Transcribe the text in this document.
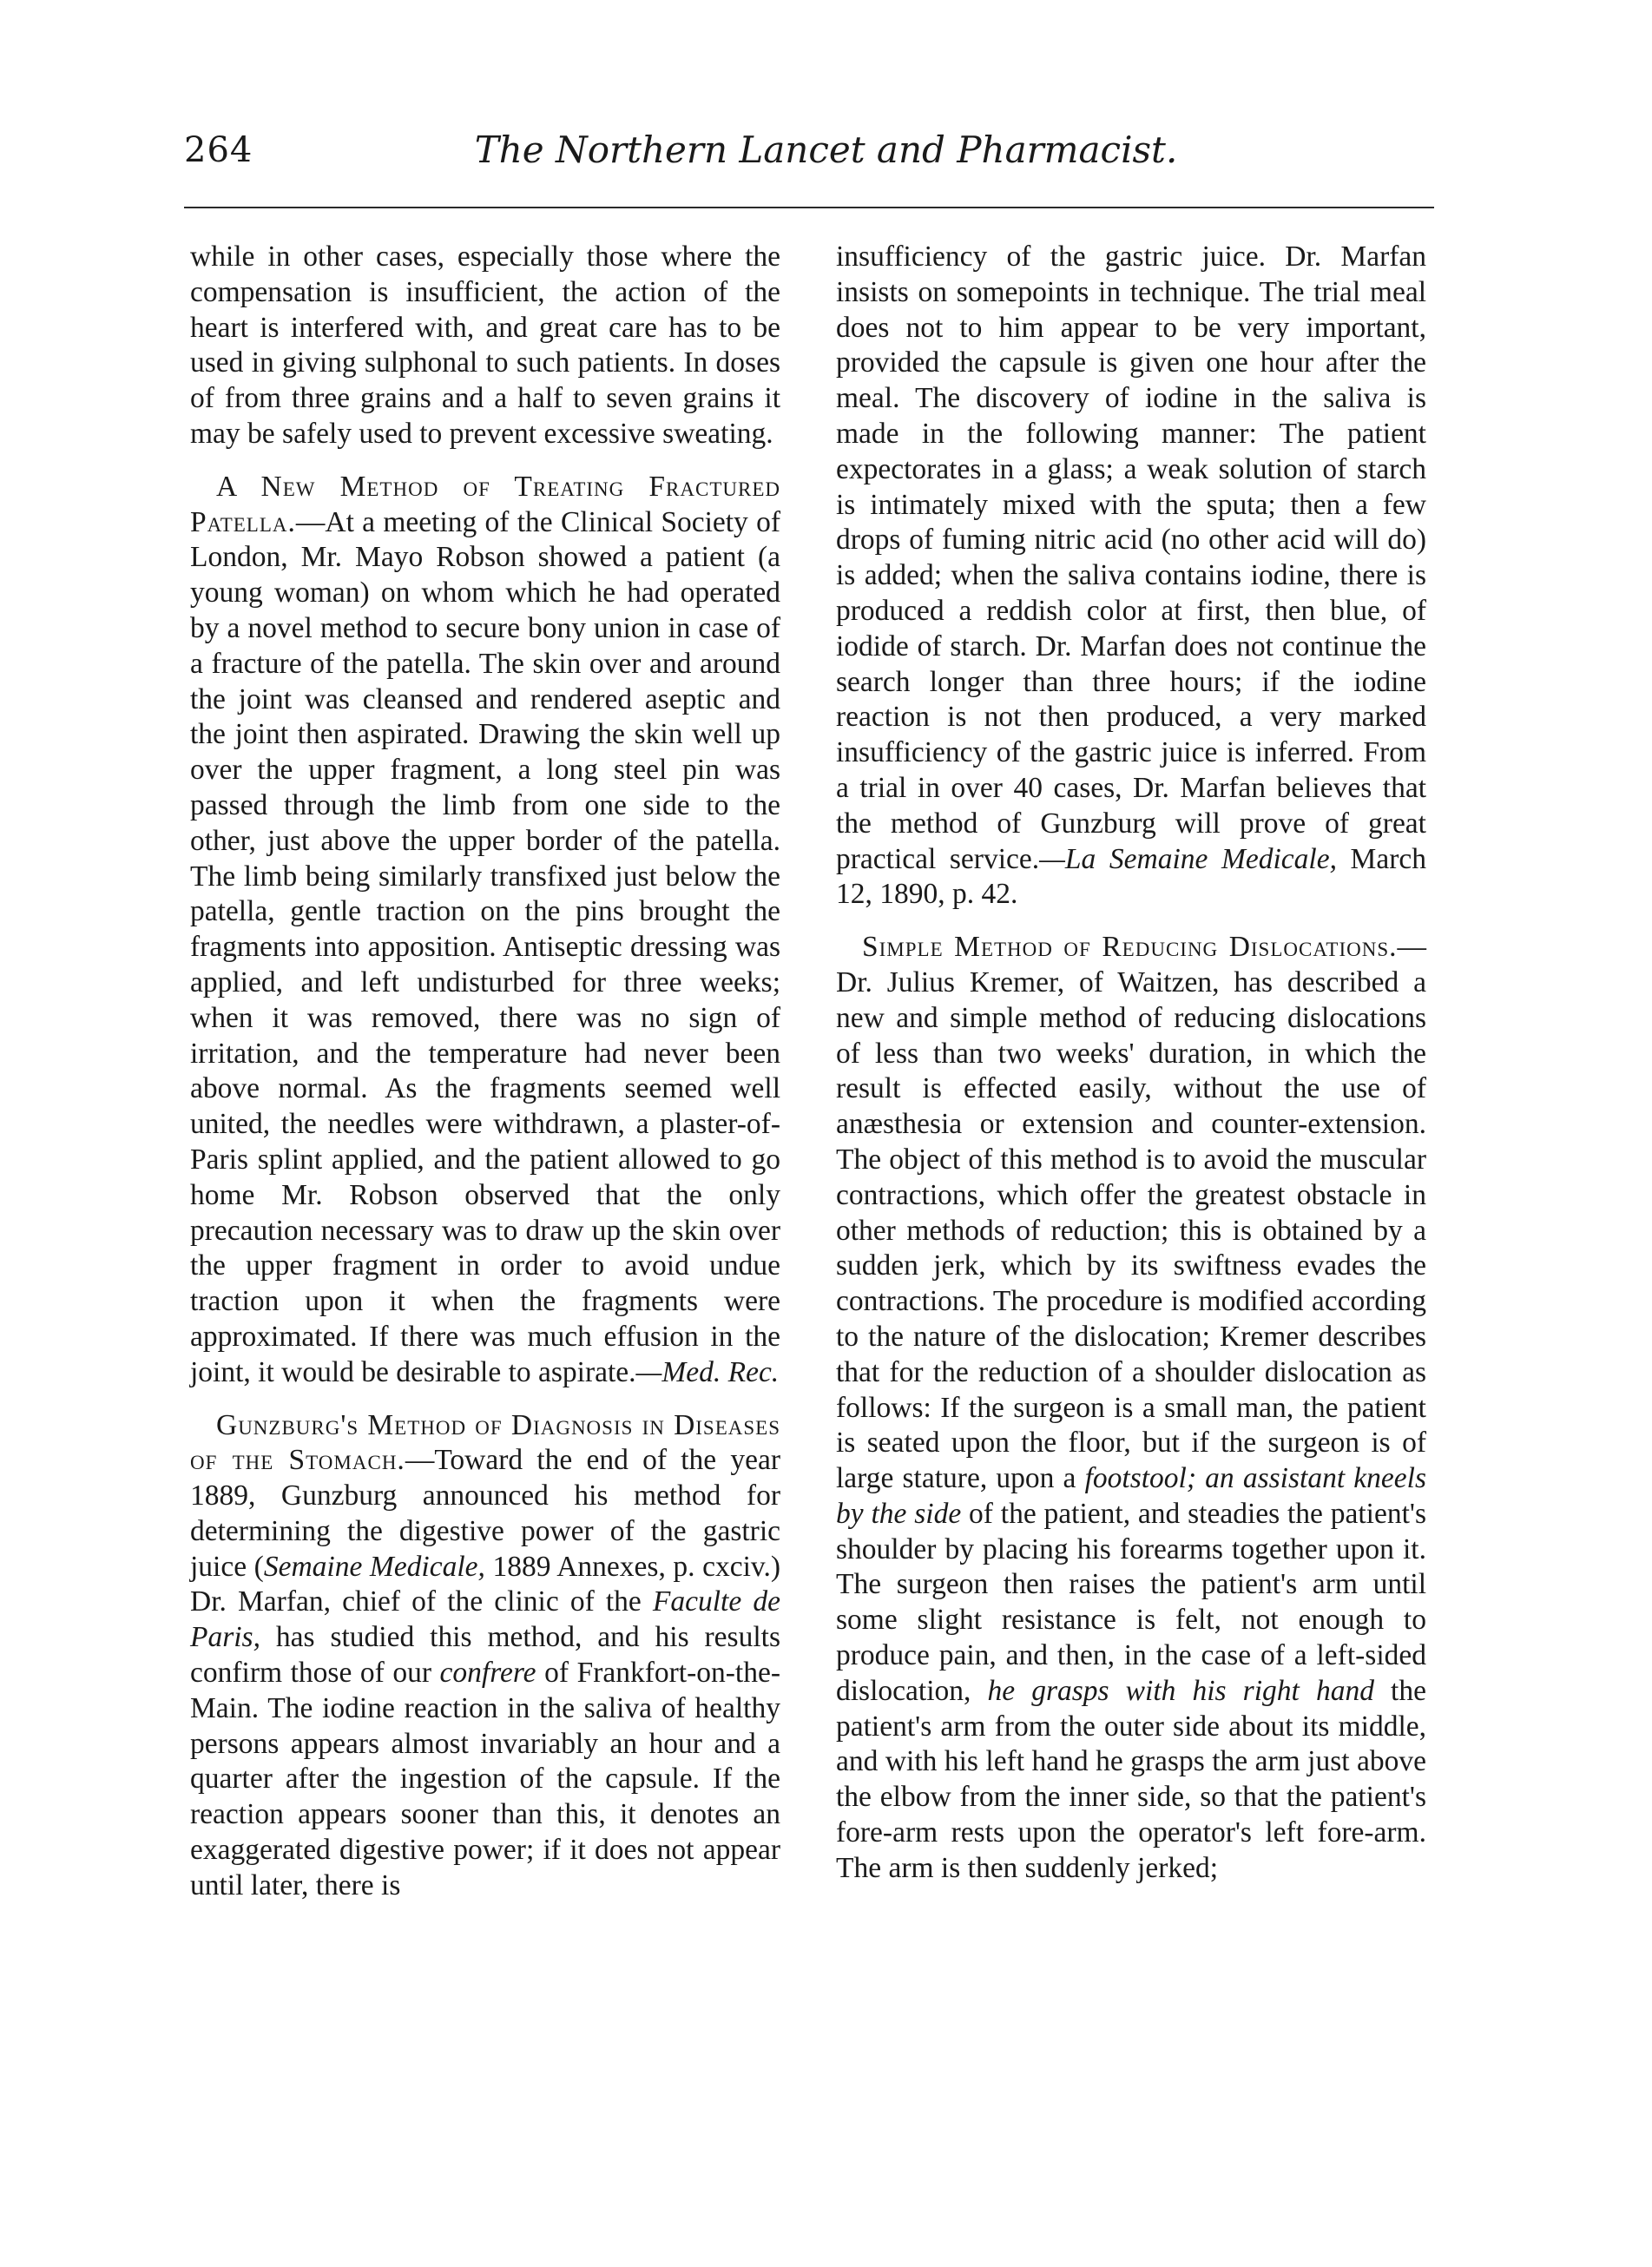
264	The Northern Lancet and Pharmacist.

while in other cases, especially those where the compensation is insufficient, the action of the heart is interfered with, and great care has to be used in giving sulphonal to such patients. In doses of from three grains and a half to seven grains it may be safely used to prevent excessive sweating.

A New Method of Treating Fractured Patella.—At a meeting of the Clinical Society of London, Mr. Mayo Robson showed a patient (a young woman) on whom which he had operated by a novel method to secure bony union in case of a fracture of the patella. The skin over and around the joint was cleansed and rendered aseptic and the joint then aspirated. Drawing the skin well up over the upper fragment, a long steel pin was passed through the limb from one side to the other, just above the upper border of the patella. The limb being similarly transfixed just below the patella, gentle traction on the pins brought the fragments into apposition. Antiseptic dressing was applied, and left undisturbed for three weeks; when it was removed, there was no sign of irritation, and the temperature had never been above normal. As the fragments seemed well united, the needles were withdrawn, a plaster-of-Paris splint applied, and the patient allowed to go home Mr. Robson observed that the only precaution necessary was to draw up the skin over the upper fragment in order to avoid undue traction upon it when the fragments were approximated. If there was much effusion in the joint, it would be desirable to aspirate.—Med. Rec.

Gunzburg's Method of Diagnosis in Diseases of the Stomach.—Toward the end of the year 1889, Gunzburg announced his method for determining the digestive power of the gastric juice (Semaine Medicale, 1889 Annexes, p. cxciv.) Dr. Marfan, chief of the clinic of the Faculte de Paris, has studied this method, and his results confirm those of our confrere of Frankfort-on-the-Main. The iodine reaction in the saliva of healthy persons appears almost invariably an hour and a quarter after the ingestion of the capsule. If the reaction appears sooner than this, it denotes an exaggerated digestive power; if it does not appear until later, there is

insufficiency of the gastric juice. Dr. Marfan insists on somepoints in technique. The trial meal does not to him appear to be very important, provided the capsule is given one hour after the meal. The discovery of iodine in the saliva is made in the following manner: The patient expectorates in a glass; a weak solution of starch is intimately mixed with the sputa; then a few drops of fuming nitric acid (no other acid will do) is added; when the saliva contains iodine, there is produced a reddish color at first, then blue, of iodide of starch. Dr. Marfan does not continue the search longer than three hours; if the iodine reaction is not then produced, a very marked insufficiency of the gastric juice is inferred. From a trial in over 40 cases, Dr. Marfan believes that the method of Gunzburg will prove of great practical service.—La Semaine Medicale, March 12, 1890, p. 42.

Simple Method of Reducing Dislocations.—Dr. Julius Kremer, of Waitzen, has described a new and simple method of reducing dislocations of less than two weeks' duration, in which the result is effected easily, without the use of anæsthesia or extension and counter-extension. The object of this method is to avoid the muscular contractions, which offer the greatest obstacle in other methods of reduction; this is obtained by a sudden jerk, which by its swiftness evades the contractions. The procedure is modified according to the nature of the dislocation; Kremer describes that for the reduction of a shoulder dislocation as follows: If the surgeon is a small man, the patient is seated upon the floor, but if the surgeon is of large stature, upon a footstool; an assistant kneels by the side of the patient, and steadies the patient's shoulder by placing his forearms together upon it. The surgeon then raises the patient's arm until some slight resistance is felt, not enough to produce pain, and then, in the case of a left-sided dislocation, he grasps with his right hand the patient's arm from the outer side about its middle, and with his left hand he grasps the arm just above the elbow from the inner side, so that the patient's fore-arm rests upon the operator's left fore-arm. The arm is then suddenly jerked;
